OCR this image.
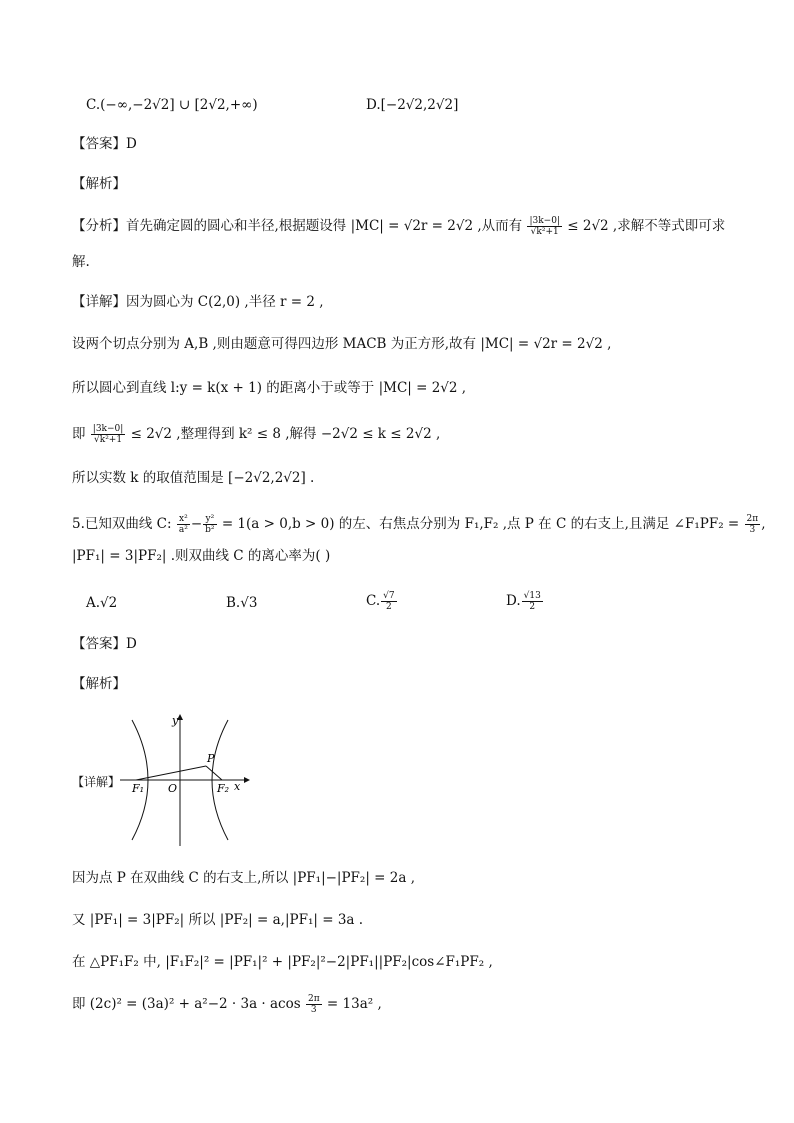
C.(−∞,−2√2] ∪ [2√2,+∞)	D.[−2√2,2√2]
【答案】D
【解析】
【分析】首先确定圆的圆心和半径,根据题设得 |MC| = √2r = 2√2 ,从而有 $\frac{|3k-0|}{\text{√k²+1}} \le 2√2$ ,求解不等式即可求
解.
【详解】因为圆心为 C(2,0) ,半径 r = 2 ,
设两个切点分别为 A,B ,则由题意可得四边形 MACB 为正方形,故有 |MC| = √2r = 2√2 ,
所以圆心到直线 l:y = k(x + 1) 的距离小于或等于 |MC| = 2√2 ,
即 $\frac{|3k-0|}{\text{√k²+1}} \le 2√2$ ,整理得到 k² ≤ 8 ,解得 −2√2 ≤ k ≤ 2√2 ,
所以实数 k 的取值范围是 [−2√2,2√2] .
5.已知双曲线 C: $\frac{\text{x²}}{\text{a²}} - \frac{\text{y²}}{\text{b²}} = 1(a > 0,b > 0)$ 的左、右焦点分别为 F₁,F₂ ,点 P 在 C 的右支上,且满足 ∠F₁PF₂ = $\frac{2\pi}{3}$ ,
|PF₁| = 3|PF₂| .则双曲线 C 的离心率为( )
A.√2	B.√3	C. $\frac{√7}{2}$	D. $\frac{√13}{2}$
【答案】D
【解析】
【详解】
y
x
P
O
F₁	F₂
因为点 P 在双曲线 C 的右支上,所以 |PF₁|−|PF₂| = 2a ,
又 |PF₁| = 3|PF₂| 所以 |PF₂| = a,|PF₁| = 3a .
在 △PF₁F₂ 中, |F₁F₂|² = |PF₁|² + |PF₂|²−2|PF₁||PF₂|cos∠F₁PF₂ ,
即 (2c)² = (3a)² + a²−2 · 3a · acos $\frac{2\pi}{3} = 13a^2$ ,
